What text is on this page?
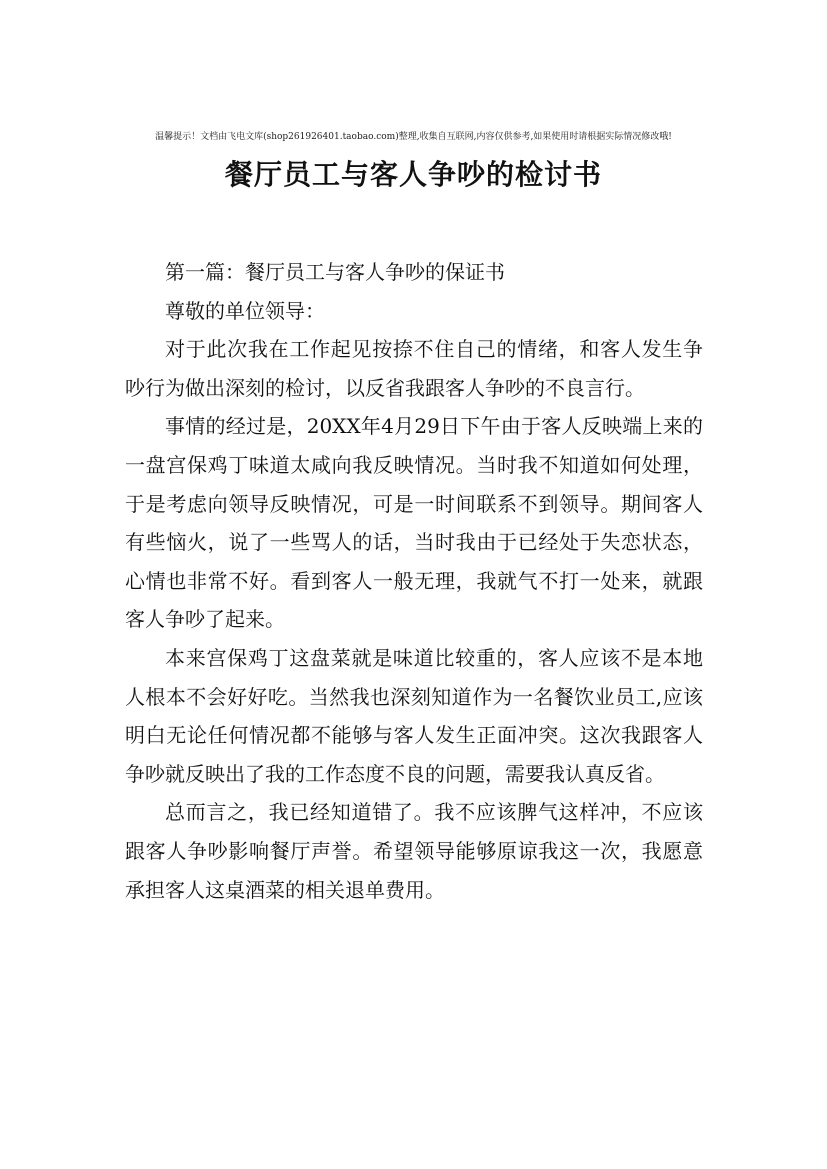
温馨提示！文档由飞电文库(shop261926401.taobao.com)整理,收集自互联网,内容仅供参考,如果使用时请根据实际情况修改哦!
餐厅员工与客人争吵的检讨书

第一篇：餐厅员工与客人争吵的保证书

尊敬的单位领导：

对于此次我在工作起见按捺不住自己的情绪，和客人发生争吵行为做出深刻的检讨，以反省我跟客人争吵的不良言行。

事情的经过是，20XX年4月29日下午由于客人反映端上来的一盘宫保鸡丁味道太咸向我反映情况。当时我不知道如何处理，于是考虑向领导反映情况，可是一时间联系不到领导。期间客人有些恼火，说了一些骂人的话，当时我由于已经处于失恋状态，心情也非常不好。看到客人一般无理，我就气不打一处来，就跟客人争吵了起来。

本来宫保鸡丁这盘菜就是味道比较重的，客人应该不是本地人根本不会好好吃。当然我也深刻知道作为一名餐饮业员工,应该明白无论任何情况都不能够与客人发生正面冲突。这次我跟客人争吵就反映出了我的工作态度不良的问题，需要我认真反省。

总而言之，我已经知道错了。我不应该脾气这样冲，不应该跟客人争吵影响餐厅声誉。希望领导能够原谅我这一次，我愿意承担客人这桌酒菜的相关退单费用。
